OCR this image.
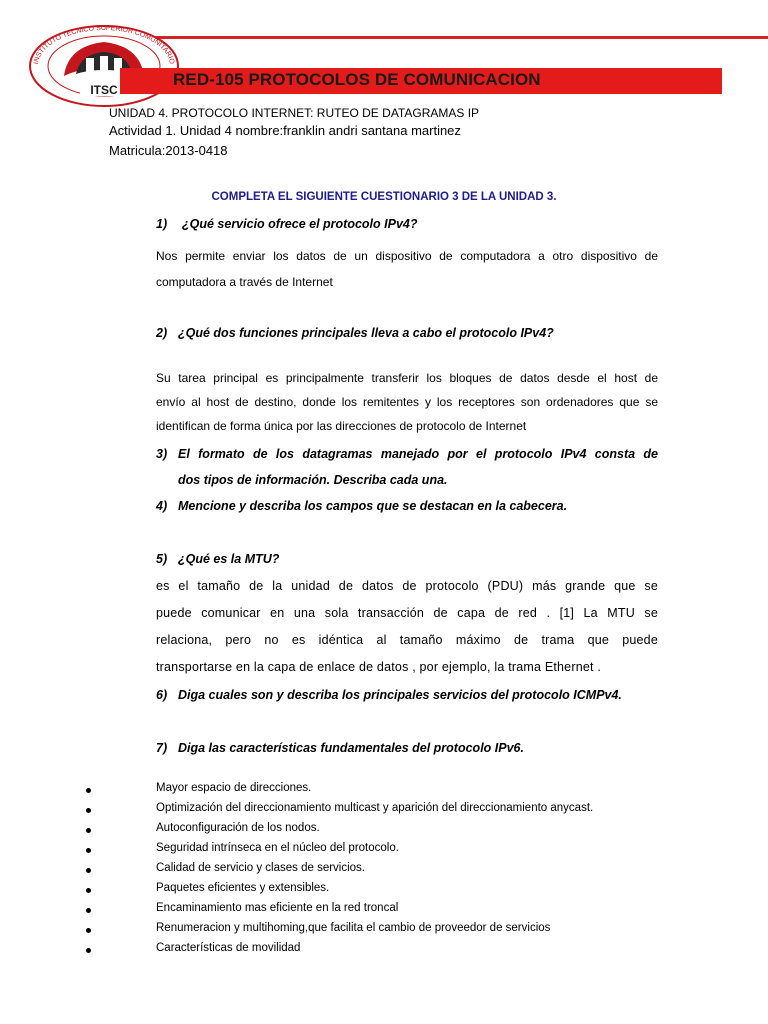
ITSC
INSTITUTO TECNICO SUPERIOR COMUNITARIO
RED-105 PROTOCOLOS DE COMUNICACION
UNIDAD 4. PROTOCOLO INTERNET: RUTEO DE DATAGRAMAS IP
Actividad 1. Unidad 4 nombre:franklin andri santana martinez
Matricula:2013-0418
COMPLETA EL SIGUIENTE CUESTIONARIO 3 DE LA UNIDAD 3.
1) ¿Qué servicio ofrece el protocolo IPv4?
Nos permite enviar los datos de un dispositivo de computadora a otro dispositivo de
computadora a través de Internet
2) ¿Qué dos funciones principales lleva a cabo el protocolo IPv4?
Su tarea principal es principalmente transferir los bloques de datos desde el host de
envío al host de destino, donde los remitentes y los receptores son ordenadores que se
identifican de forma única por las direcciones de protocolo de Internet
3) El formato de los datagramas manejado por el protocolo IPv4 consta de
dos tipos de información. Describa cada una.
4) Mencione y describa los campos que se destacan en la cabecera.
5) ¿Qué es la MTU?
es el tamaño de la unidad de datos de protocolo (PDU) más grande que se
puede comunicar en una sola transacción de capa de red . [1] La MTU se
relaciona, pero no es idéntica al tamaño máximo de trama que puede
transportarse en la capa de enlace de datos , por ejemplo, la trama Ethernet .
6) Diga cuales son y describa los principales servicios del protocolo ICMPv4.
7) Diga las características fundamentales del protocolo IPv6.
Mayor espacio de direcciones.
Optimización del direccionamiento multicast y aparición del direccionamiento anycast.
Autoconfiguración de los nodos.
Seguridad intrínseca en el núcleo del protocolo.
Calidad de servicio y clases de servicios.
Paquetes eficientes y extensibles.
Encaminamiento mas eficiente en la red troncal
Renumeracion y multihoming,que facilita el cambio de proveedor de servicios
Características de movilidad
